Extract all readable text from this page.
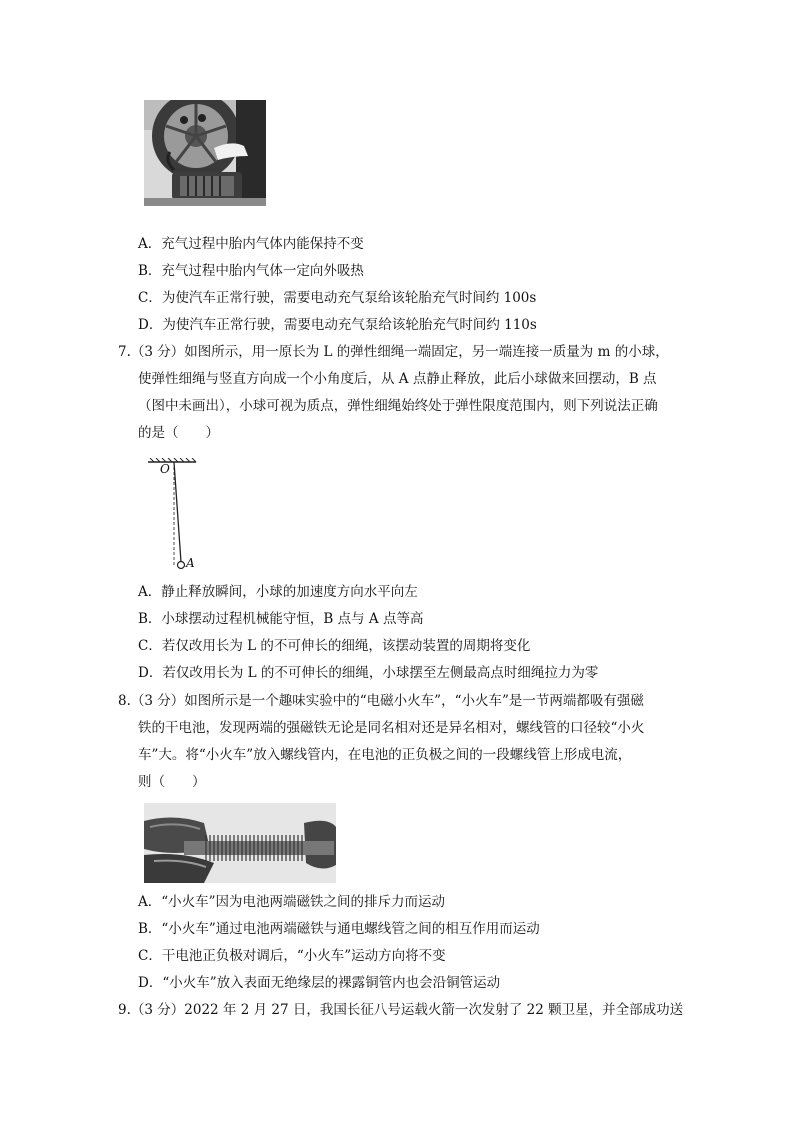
A．充气过程中胎内气体内能保持不变
B．充气过程中胎内气体一定向外吸热
C．为使汽车正常行驶，需要电动充气泵给该轮胎充气时间约 100s
D．为使汽车正常行驶，需要电动充气泵给该轮胎充气时间约 110s
7.（3 分）如图所示，用一原长为 L 的弹性细绳一端固定，另一端连接一质量为 m 的小球，
使弹性细绳与竖直方向成一个小角度后，从 A 点静止释放，此后小球做来回摆动，B 点
（图中未画出），小球可视为质点，弹性细绳始终处于弹性限度范围内，则下列说法正确
的是（　　）
O
A
A．静止释放瞬间，小球的加速度方向水平向左
B．小球摆动过程机械能守恒，B 点与 A 点等高
C．若仅改用长为 L 的不可伸长的细绳，该摆动装置的周期将变化
D．若仅改用长为 L 的不可伸长的细绳，小球摆至左侧最高点时细绳拉力为零
8.（3 分）如图所示是一个趣味实验中的“电磁小火车”，“小火车”是一节两端都吸有强磁
铁的干电池，发现两端的强磁铁无论是同名相对还是异名相对，螺线管的口径较“小火
车”大。将“小火车”放入螺线管内，在电池的正负极之间的一段螺线管上形成电流，
则（　　）
A．“小火车”因为电池两端磁铁之间的排斥力而运动
B．“小火车”通过电池两端磁铁与通电螺线管之间的相互作用而运动
C．干电池正负极对调后，“小火车”运动方向将不变
D．“小火车”放入表面无绝缘层的裸露铜管内也会沿铜管运动
9.（3 分）2022 年 2 月 27 日，我国长征八号运载火箭一次发射了 22 颗卫星，并全部成功送
